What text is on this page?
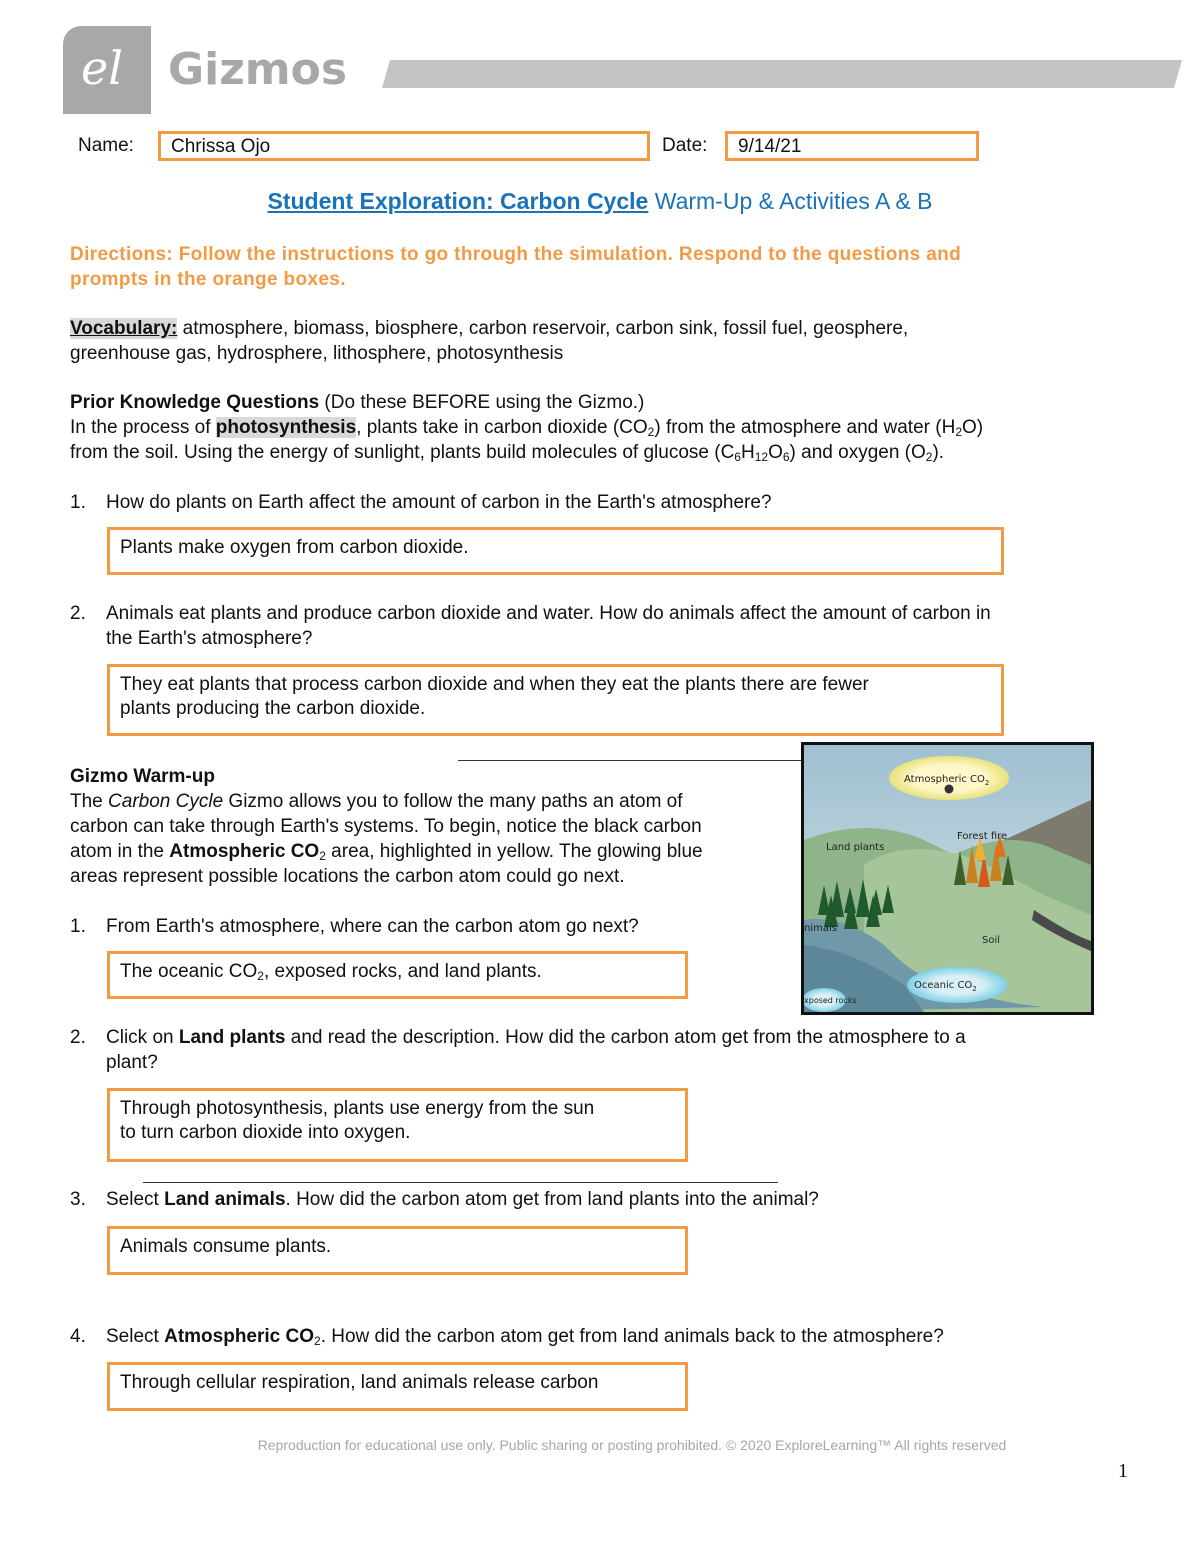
el Gizmos
Name:	Chrissa Ojo	Date:	9/14/21
Student Exploration: Carbon Cycle Warm-Up & Activities A & B
Directions: Follow the instructions to go through the simulation. Respond to the questions and
prompts in the orange boxes.
Vocabulary: atmosphere, biomass, biosphere, carbon reservoir, carbon sink, fossil fuel, geosphere,
greenhouse gas, hydrosphere, lithosphere, photosynthesis
Prior Knowledge Questions (Do these BEFORE using the Gizmo.)
In the process of photosynthesis, plants take in carbon dioxide $(CO_2)$ from the atmosphere and water $(H_2O)$
from the soil. Using the energy of sunlight, plants build molecules of glucose $(C_6H_{12}O_6)$ and oxygen $(O_2)$.
1. How do plants on Earth affect the amount of carbon in the Earth's atmosphere?
Plants make oxygen from carbon dioxide.
2. Animals eat plants and produce carbon dioxide and water. How do animals affect the amount of carbon in
the Earth's atmosphere?
They eat plants that process carbon dioxide and when they eat the plants there are fewer
plants producing the carbon dioxide.
Gizmo Warm-up
The Carbon Cycle Gizmo allows you to follow the many paths an atom of
carbon can take through Earth's systems. To begin, notice the black carbon
atom in the Atmospheric $CO_2$ area, highlighted in yellow. The glowing blue
areas represent possible locations the carbon atom could go next.
Atmospheric $CO_2$
Forest fire
Land plants
nimals
Soil
Oceanic $CO_2$
xposed rocks
1. From Earth's atmosphere, where can the carbon atom go next?
The oceanic $CO_2$, exposed rocks, and land plants.
2. Click on Land plants and read the description. How did the carbon atom get from the atmosphere to a
plant?
Through photosynthesis, plants use energy from the sun
to turn carbon dioxide into oxygen.
3. Select Land animals. How did the carbon atom get from land plants into the animal?
Animals consume plants.
4. Select Atmospheric $CO_2$. How did the carbon atom get from land animals back to the atmosphere?
Through cellular respiration, land animals release carbon
Reproduction for educational use only. Public sharing or posting prohibited. © 2020 ExploreLearning™ All rights reserved
1
